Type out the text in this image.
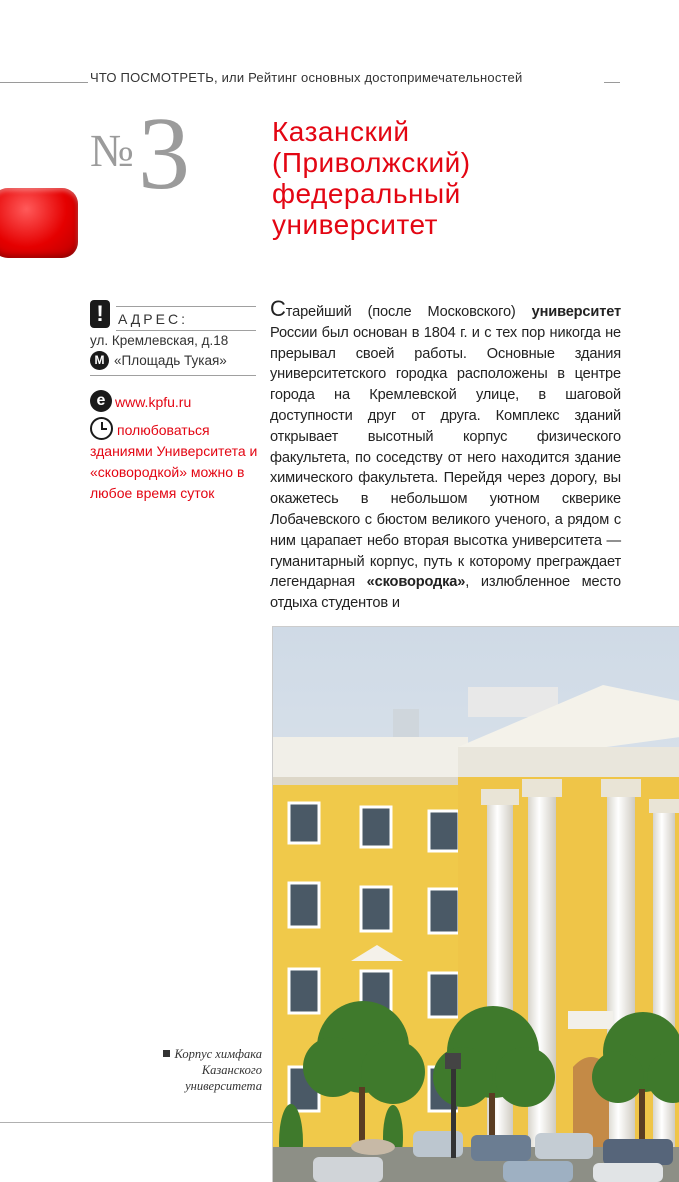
ЧТО ПОСМОТРЕТЬ, или Рейтинг основных достопримечательностей
№ 3	Казанский
(Приволжский)
федеральный
университет
!	АДРЕС:
ул. Кремлевская, д.18
M «Площадь Тукая»
e www.kpfu.ru
полюбоваться зданиями Университета и «сковородкой» можно в любое время суток

Старейший (после Московского) университет России был основан в 1804 г. и с тех пор никогда не прерывал своей работы. Основные здания университетского городка расположены в центре города на Кремлевской улице, в шаговой доступности друг от друга. Комплекс зданий открывает высотный корпус физического факультета, по соседству от него находится здание химического факультета. Перейдя через дорогу, вы окажетесь в небольшом уютном скверике Лобачевского с бюстом великого ученого, а рядом с ним царапает небо вторая высотка университета — гуманитарный корпус, путь к которому преграждает легендарная «сковородка», излюбленное место отдыха студентов и

Корпус химфака
Казанского
университета
